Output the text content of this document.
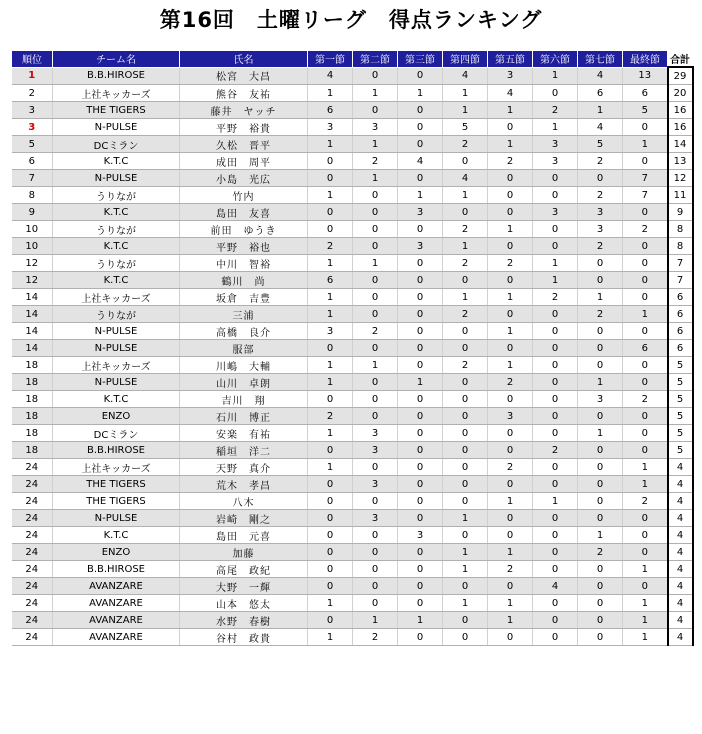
第16回　土曜リーグ　得点ランキング
順位	チーム名	氏名	第一節	第二節	第三節	第四節	第五節	第六節	第七節	最終節	合計
1	B.B.HIROSE	松宮　大昌	4	0	0	4	3	1	4	13	29
2	上社キッカーズ	熊谷　友祐	1	1	1	1	4	0	6	6	20
3	THE TIGERS	藤井　ヤッチ	6	0	0	1	1	2	1	5	16
3	N-PULSE	平野　裕貴	3	3	0	5	0	1	4	0	16
5	DCミラン	久松　晋平	1	1	0	2	1	3	5	1	14
6	K.T.C	成田　周平	0	2	4	0	2	3	2	0	13
7	N-PULSE	小島　光広	0	1	0	4	0	0	0	7	12
8	うりなが	竹内	1	0	1	1	0	0	2	7	11
9	K.T.C	島田　友喜	0	0	3	0	0	3	3	0	9
10	うりなが	前田　ゆうき	0	0	0	2	1	0	3	2	8
10	K.T.C	平野　裕也	2	0	3	1	0	0	2	0	8
12	うりなが	中川　智裕	1	1	0	2	2	1	0	0	7
12	K.T.C	鶴川　尚	6	0	0	0	0	1	0	0	7
14	上社キッカーズ	坂倉　吉豊	1	0	0	1	1	2	1	0	6
14	うりなが	三浦	1	0	0	2	0	0	2	1	6
14	N-PULSE	高橋　良介	3	2	0	0	1	0	0	0	6
14	N-PULSE	服部	0	0	0	0	0	0	0	6	6
18	上社キッカーズ	川嶋　大輔	1	1	0	2	1	0	0	0	5
18	N-PULSE	山川　卓朗	1	0	1	0	2	0	1	0	5
18	K.T.C	吉川　翔	0	0	0	0	0	0	3	2	5
18	ENZO	石川　博正	2	0	0	0	3	0	0	0	5
18	DCミラン	安楽　有祐	1	3	0	0	0	0	1	0	5
18	B.B.HIROSE	稲垣　洋二	0	3	0	0	0	2	0	0	5
24	上社キッカーズ	天野　真介	1	0	0	0	2	0	0	1	4
24	THE TIGERS	荒木　孝昌	0	3	0	0	0	0	0	1	4
24	THE TIGERS	八木	0	0	0	0	1	1	0	2	4
24	N-PULSE	岩崎　剛之	0	3	0	1	0	0	0	0	4
24	K.T.C	島田　元喜	0	0	3	0	0	0	1	0	4
24	ENZO	加藤	0	0	0	1	1	0	2	0	4
24	B.B.HIROSE	高尾　政紀	0	0	0	1	2	0	0	1	4
24	AVANZARE	大野　一輝	0	0	0	0	0	4	0	0	4
24	AVANZARE	山本　悠太	1	0	0	1	1	0	0	1	4
24	AVANZARE	水野　春樹	0	1	1	0	1	0	0	1	4
24	AVANZARE	谷村　政貴	1	2	0	0	0	0	0	1	4
